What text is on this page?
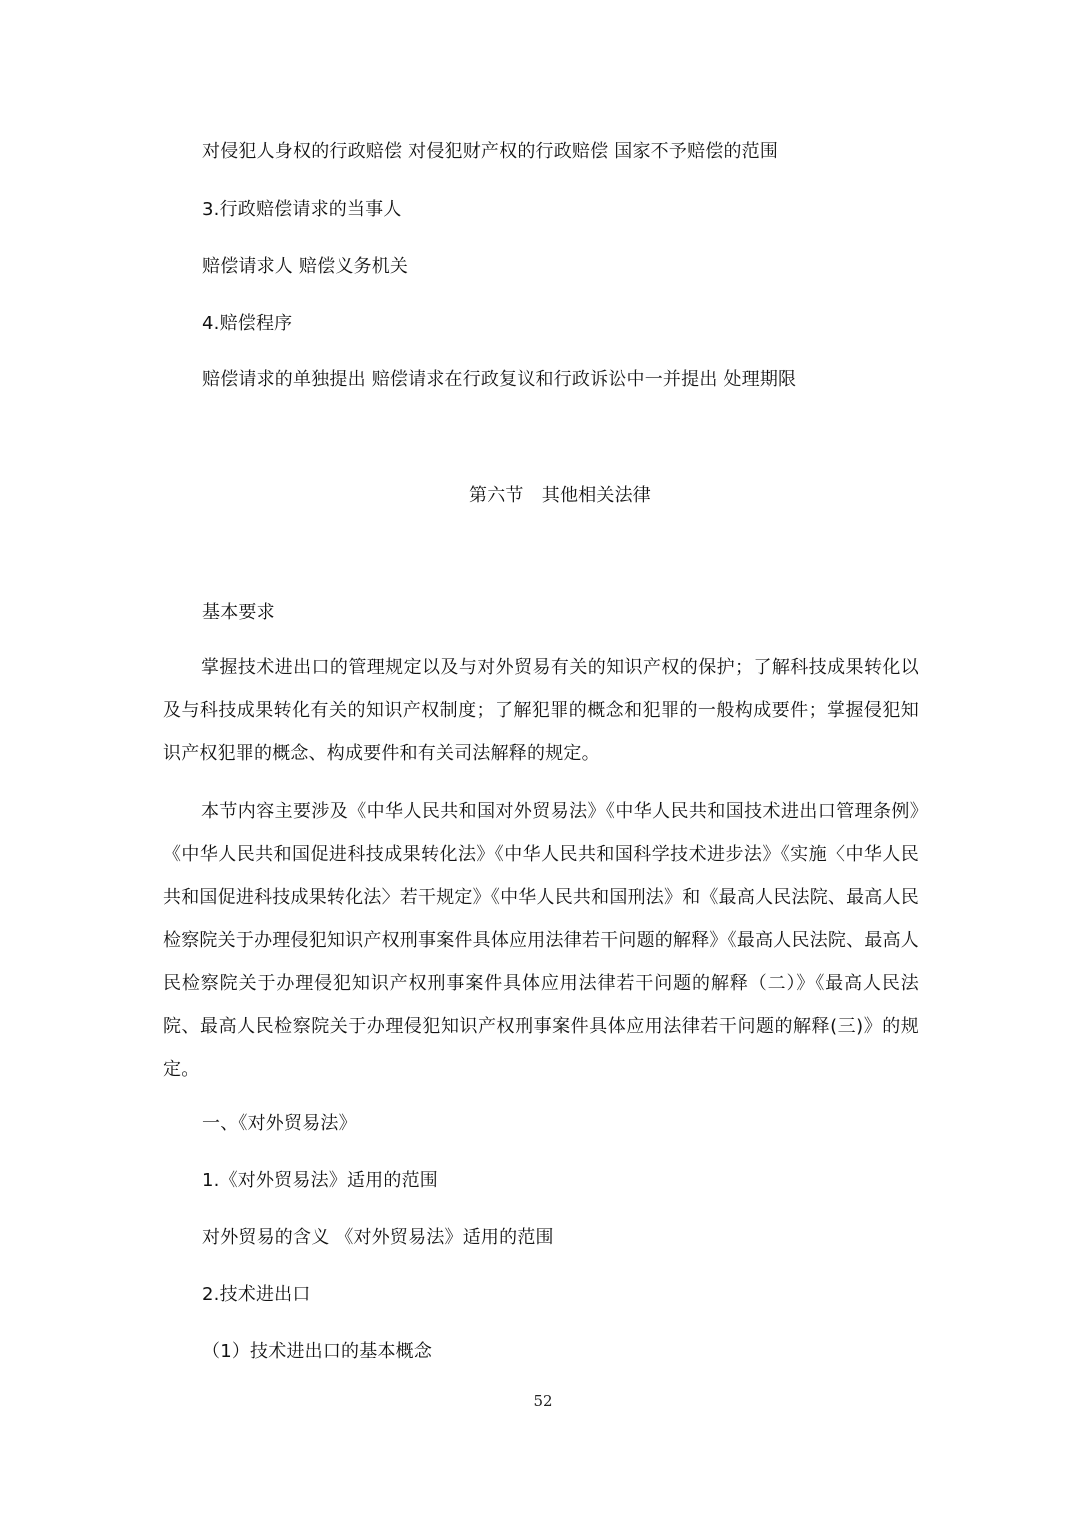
对侵犯人身权的行政赔偿 对侵犯财产权的行政赔偿 国家不予赔偿的范围
3.行政赔偿请求的当事人
赔偿请求人 赔偿义务机关
4.赔偿程序
赔偿请求的单独提出 赔偿请求在行政复议和行政诉讼中一并提出 处理期限
第六节　其他相关法律
基本要求
掌握技术进出口的管理规定以及与对外贸易有关的知识产权的保护；了解科技成果转化以及与科技成果转化有关的知识产权制度；了解犯罪的概念和犯罪的一般构成要件；掌握侵犯知识产权犯罪的概念、构成要件和有关司法解释的规定。
本节内容主要涉及《中华人民共和国对外贸易法》《中华人民共和国技术进出口管理条例》《中华人民共和国促进科技成果转化法》《中华人民共和国科学技术进步法》《实施〈中华人民共和国促进科技成果转化法〉若干规定》《中华人民共和国刑法》和《最高人民法院、最高人民检察院关于办理侵犯知识产权刑事案件具体应用法律若干问题的解释》《最高人民法院、最高人民检察院关于办理侵犯知识产权刑事案件具体应用法律若干问题的解释（二）》《最高人民法院、最高人民检察院关于办理侵犯知识产权刑事案件具体应用法律若干问题的解释(三)》的规定。
一、《对外贸易法》
1.《对外贸易法》适用的范围
对外贸易的含义 《对外贸易法》适用的范围
2.技术进出口
（1）技术进出口的基本概念
52
